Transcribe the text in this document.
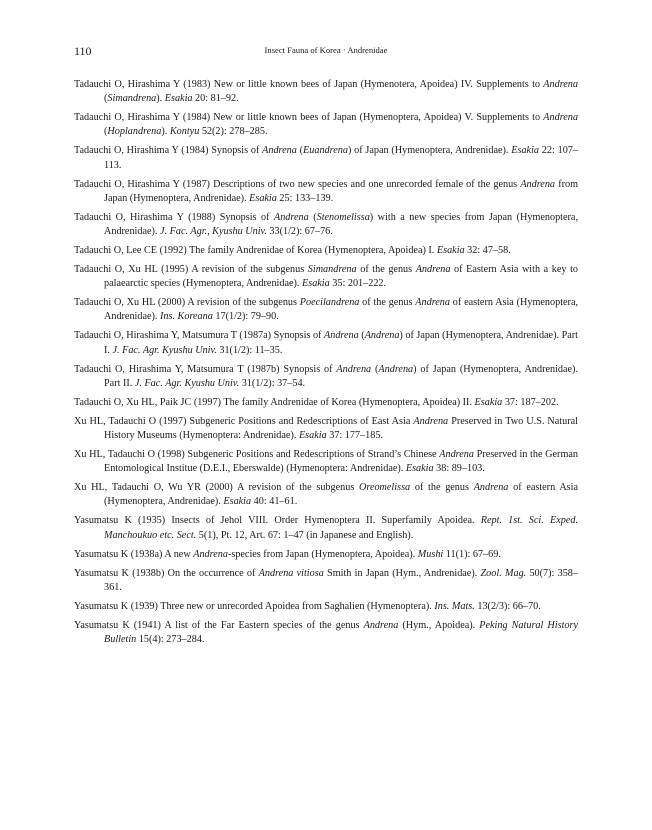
110	Insect Fauna of Korea · Andrenidae
Tadauchi O, Hirashima Y (1983) New or little known bees of Japan (Hymenotera, Apoidea) IV. Supplements to Andrena (Simandrena). Esakia 20: 81–92.
Tadauchi O, Hirashima Y (1984) New or little known bees of Japan (Hymenoptera, Apoidea) V. Supplements to Andrena (Hoplandrena). Kontyu 52(2): 278–285.
Tadauchi O, Hirashima Y (1984) Synopsis of Andrena (Euandrena) of Japan (Hymenoptera, Andrenidae). Esakia 22: 107–113.
Tadauchi O, Hirashima Y (1987) Descriptions of two new species and one unrecorded female of the genus Andrena from Japan (Hymenoptera, Andrenidae). Esakia 25: 133–139.
Tadauchi O, Hirashima Y (1988) Synopsis of Andrena (Stenomelissa) with a new species from Japan (Hymenoptera, Andrenidae). J. Fac. Agr., Kyushu Univ. 33(1/2): 67–76.
Tadauchi O, Lee CE (1992) The family Andrenidae of Korea (Hymenoptera, Apoidea) I. Esakia 32: 47–58.
Tadauchi O, Xu HL (1995) A revision of the subgenus Simandrena of the genus Andrena of Eastern Asia with a key to palaearctic species (Hymenoptera, Andrenidae). Esakia 35: 201–222.
Tadauchi O, Xu HL (2000) A revision of the subgenus Poecilandrena of the genus Andrena of eastern Asia (Hymenoptera, Andrenidae). Ins. Koreana 17(1/2): 79–90.
Tadauchi O, Hirashima Y, Matsumura T (1987a) Synopsis of Andrena (Andrena) of Japan (Hymenoptera, Andrenidae). Part I. J. Fac. Agr. Kyushu Univ. 31(1/2): 11–35.
Tadauchi O, Hirashima Y, Matsumura T (1987b) Synopsis of Andrena (Andrena) of Japan (Hymenoptera, Andrenidae). Part II. J. Fac. Agr. Kyushu Univ. 31(1/2): 37–54.
Tadauchi O, Xu HL, Paik JC (1997) The family Andrenidae of Korea (Hymenoptera, Apoidea) II. Esakia 37: 187–202.
Xu HL, Tadauchi O (1997) Subgeneric Positions and Redescriptions of East Asia Andrena Preserved in Two U.S. Natural History Museums (Hymenoptera: Andrenidae). Esakia 37: 177–185.
Xu HL, Tadauchi O (1998) Subgeneric Positions and Redescriptions of Strand’s Chinese Andrena Preserved in the German Entomological Institue (D.E.I., Eberswalde) (Hymenoptera: Andrenidae). Esakia 38: 89–103.
Xu HL, Tadauchi O, Wu YR (2000) A revision of the subgenus Oreomelissa of the genus Andrena of eastern Asia (Hymenoptera, Andrenidae). Esakia 40: 41–61.
Yasumatsu K (1935) Insects of Jehol VIII. Order Hymenoptera II. Superfamily Apoidea. Rept. 1st. Sci. Exped. Manchoukuo etc. Sect. 5(1), Pt. 12, Art. 67: 1–47 (in Japanese and English).
Yasumatsu K (1938a) A new Andrena-species from Japan (Hymenoptera, Apoidea). Mushi 11(1): 67–69.
Yasumatsu K (1938b) On the occurrence of Andrena vitiosa Smith in Japan (Hym., Andrenidae). Zool. Mag. 50(7): 358–361.
Yasumatsu K (1939) Three new or unrecorded Apoidea from Saghalien (Hymenoptera). Ins. Mats. 13(2/3): 66–70.
Yasumatsu K (1941) A list of the Far Eastern species of the genus Andrena (Hym., Apoidea). Peking Natural History Bulletin 15(4): 273–284.
